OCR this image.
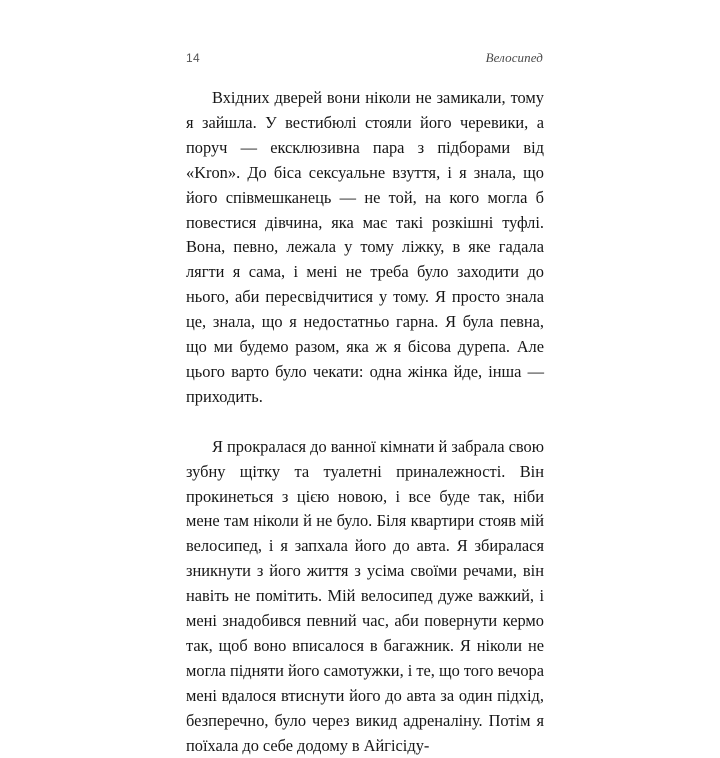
14	Велосипед

Вхідних дверей вони ніколи не замикали, тому я зайшла. У вестибюлі стояли його черевики, а поруч — ексклюзивна пара з підборами від «Kron». До біса сексуальне взуття, і я знала, що його співмешканець — не той, на кого могла б повестися дівчина, яка має такі розкішні туфлі. Вона, певно, лежала у тому ліжку, в яке гадала лягти я сама, і мені не треба було заходити до нього, аби пересвідчитися у тому. Я просто знала це, знала, що я недостатньо гарна. Я була певна, що ми будемо разом, яка ж я бісова дурепа. Але цього варто було чекати: одна жінка йде, інша — приходить.

Я прокралася до ванної кімнати й забрала свою зубну щітку та туалетні приналежності. Він прокинеться з цією новою, і все буде так, ніби мене там ніколи й не було. Біля квартири стояв мій велосипед, і я запхала його до авта. Я збиралася зникнути з його життя з усіма своїми речами, він навіть не помітить. Мій велосипед дуже важкий, і мені знадобився певний час, аби повернути кермо так, щоб воно вписалося в багажник. Я ніколи не могла підняти його самотужки, і те, що того вечора мені вдалося втиснути його до авта за один підхід, безперечно, було через викид адреналіну. Потім я поїхала до себе додому в Айгісіду-
